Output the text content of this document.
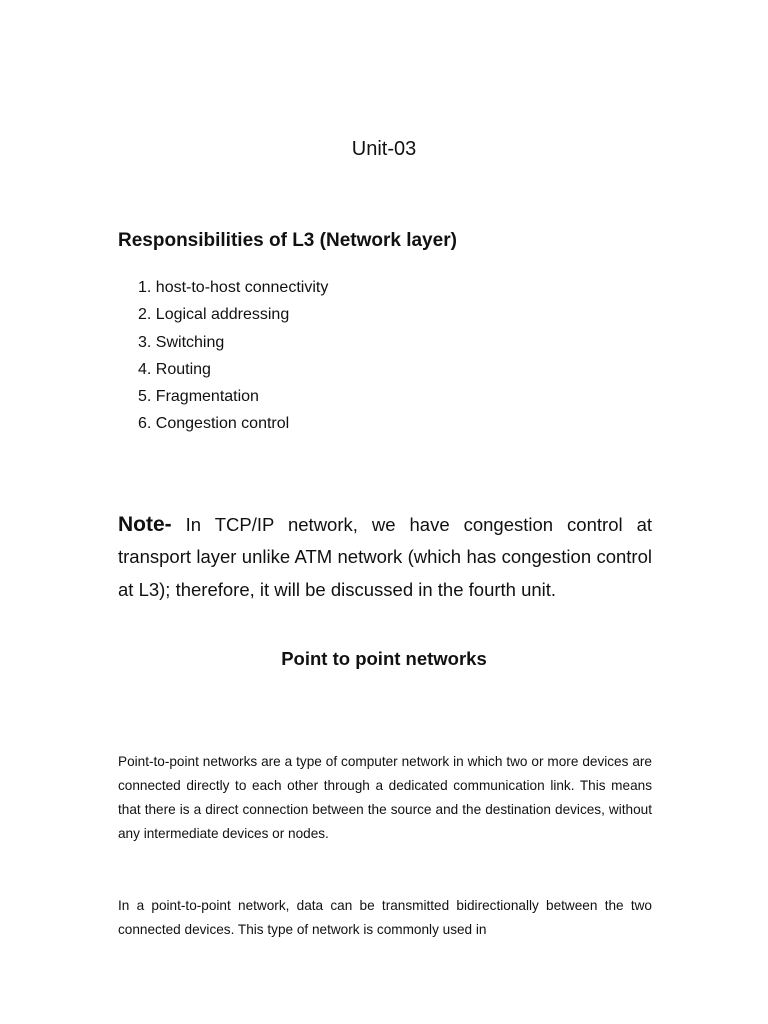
Unit-03
Responsibilities of L3 (Network layer)
1. host-to-host connectivity
2. Logical addressing
3. Switching
4. Routing
5. Fragmentation
6. Congestion control

Note- In TCP/IP network, we have congestion control at transport layer unlike ATM network (which has congestion control at L3); therefore, it will be discussed in the fourth unit.

Point to point networks

Point-to-point networks are a type of computer network in which two or more devices are connected directly to each other through a dedicated communication link. This means that there is a direct connection between the source and the destination devices, without any intermediate devices or nodes.

In a point-to-point network, data can be transmitted bidirectionally between the two connected devices. This type of network is commonly used in
